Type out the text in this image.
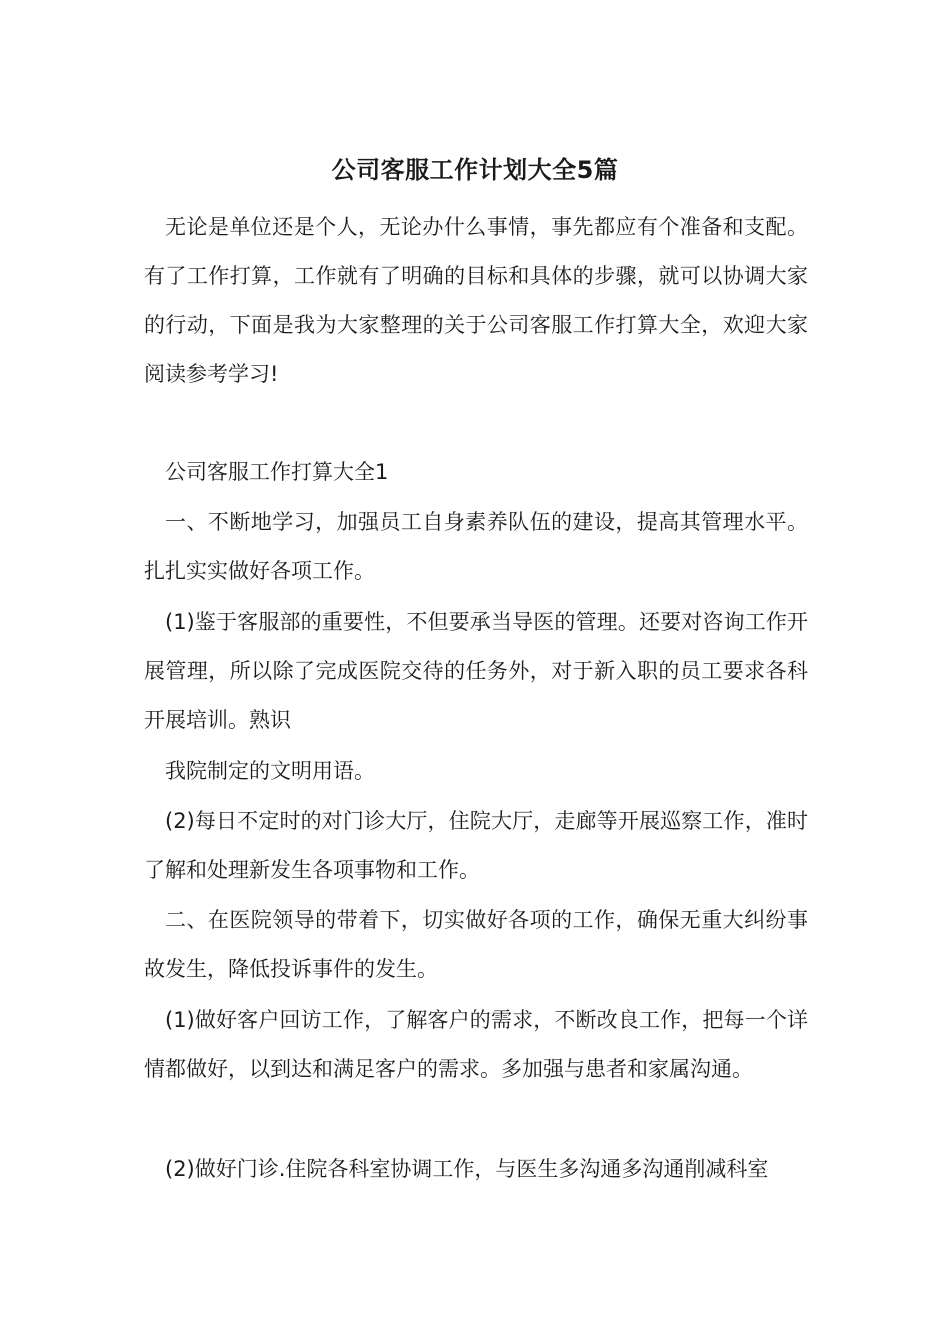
公司客服工作计划大全5篇

无论是单位还是个人，无论办什么事情，事先都应有个准备和支配。有了工作打算，工作就有了明确的目标和具体的步骤，就可以协调大家的行动，下面是我为大家整理的关于公司客服工作打算大全，欢迎大家阅读参考学习!

公司客服工作打算大全1

一、不断地学习，加强员工自身素养队伍的建设，提高其管理水平。扎扎实实做好各项工作。

(1)鉴于客服部的重要性，不但要承当导医的管理。还要对咨询工作开展管理，所以除了完成医院交待的任务外，对于新入职的员工要求各科开展培训。熟识

我院制定的文明用语。

(2)每日不定时的对门诊大厅，住院大厅，走廊等开展巡察工作，准时了解和处理新发生各项事物和工作。

二、在医院领导的带着下，切实做好各项的工作，确保无重大纠纷事故发生，降低投诉事件的发生。

(1)做好客户回访工作，了解客户的需求，不断改良工作，把每一个详情都做好，以到达和满足客户的需求。多加强与患者和家属沟通。

(2)做好门诊.住院各科室协调工作，与医生多沟通多沟通削减科室
